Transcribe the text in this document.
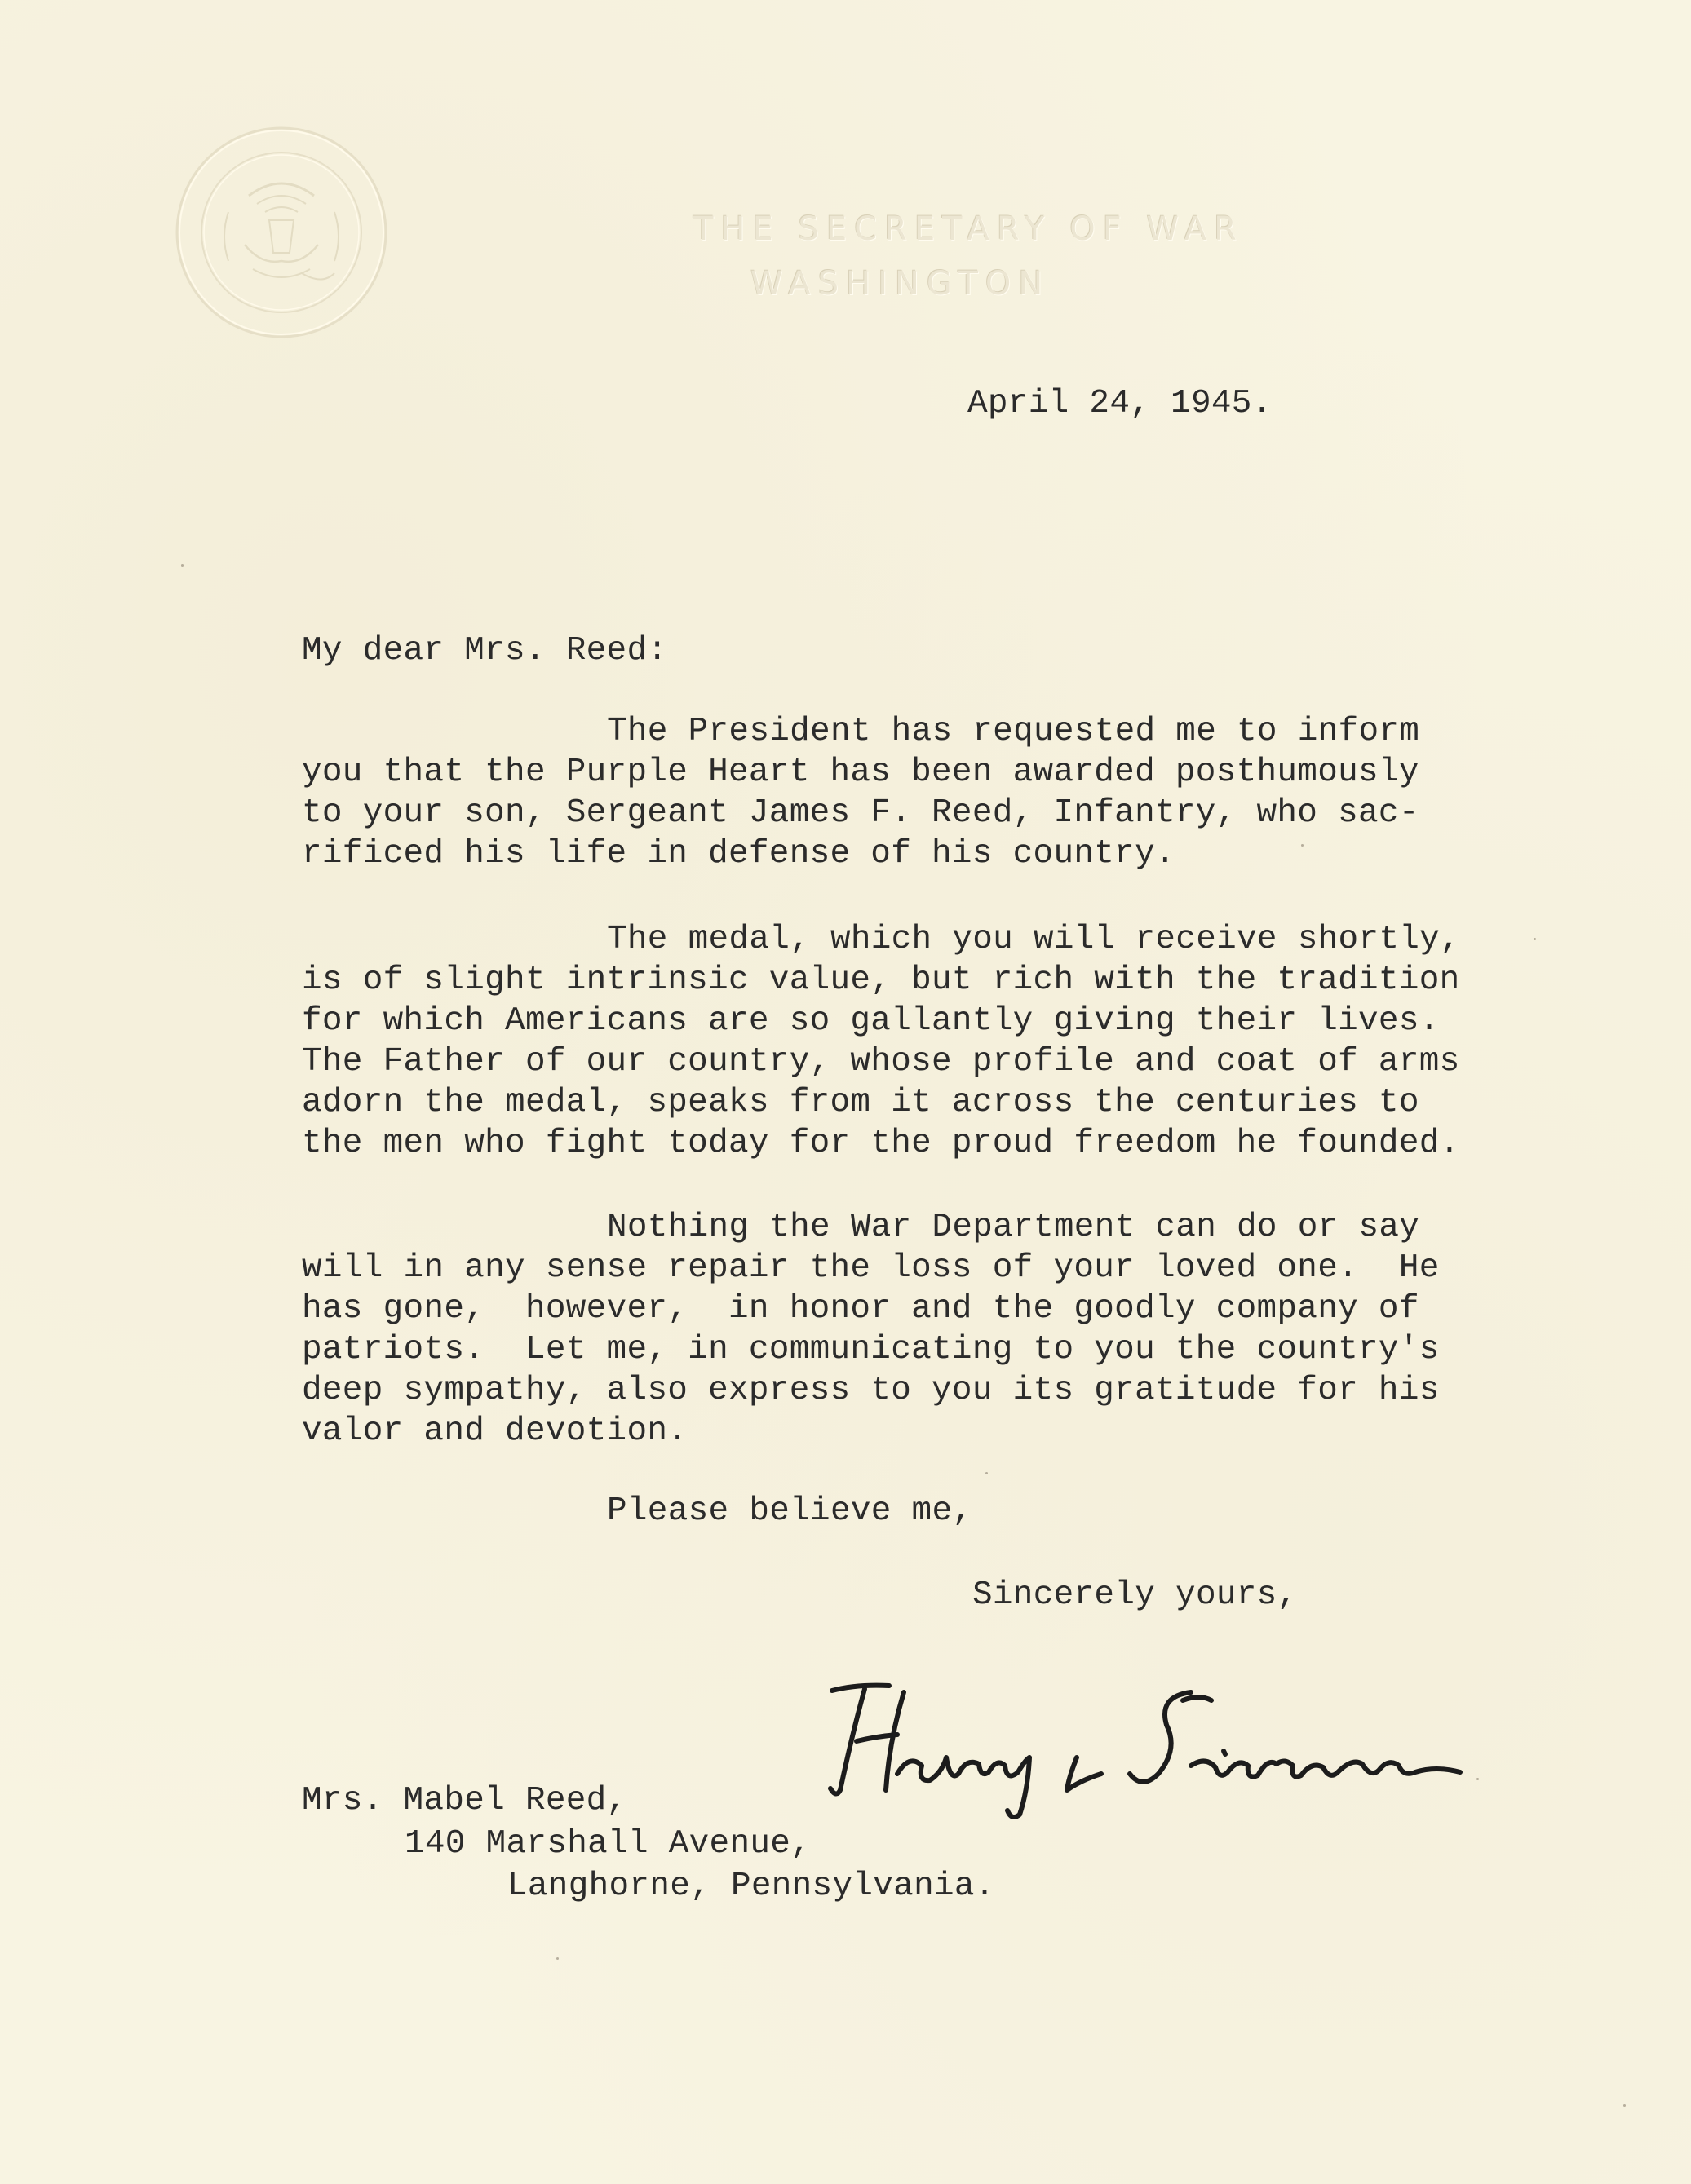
THE SECRETARY OF WAR

WASHINGTON

April 24, 1945.

My dear Mrs. Reed:

The President has requested me to inform
you that the Purple Heart has been awarded posthumously
to your son, Sergeant James F. Reed, Infantry, who sac-
rificed his life in defense of his country.
The medal, which you will receive shortly,
is of slight intrinsic value, but rich with the tradition
for which Americans are so gallantly giving their lives.
The Father of our country, whose profile and coat of arms
adorn the medal, speaks from it across the centuries to
the men who fight today for the proud freedom he founded.
Nothing the War Department can do or say
will in any sense repair the loss of your loved one.  He
has gone,  however,  in honor and the goodly company of
patriots.  Let me, in communicating to you the country's
deep sympathy, also express to you its gratitude for his
valor and devotion.

Please believe me,

Sincerely yours,

Mrs. Mabel Reed,

140 Marshall Avenue,

Langhorne, Pennsylvania.
